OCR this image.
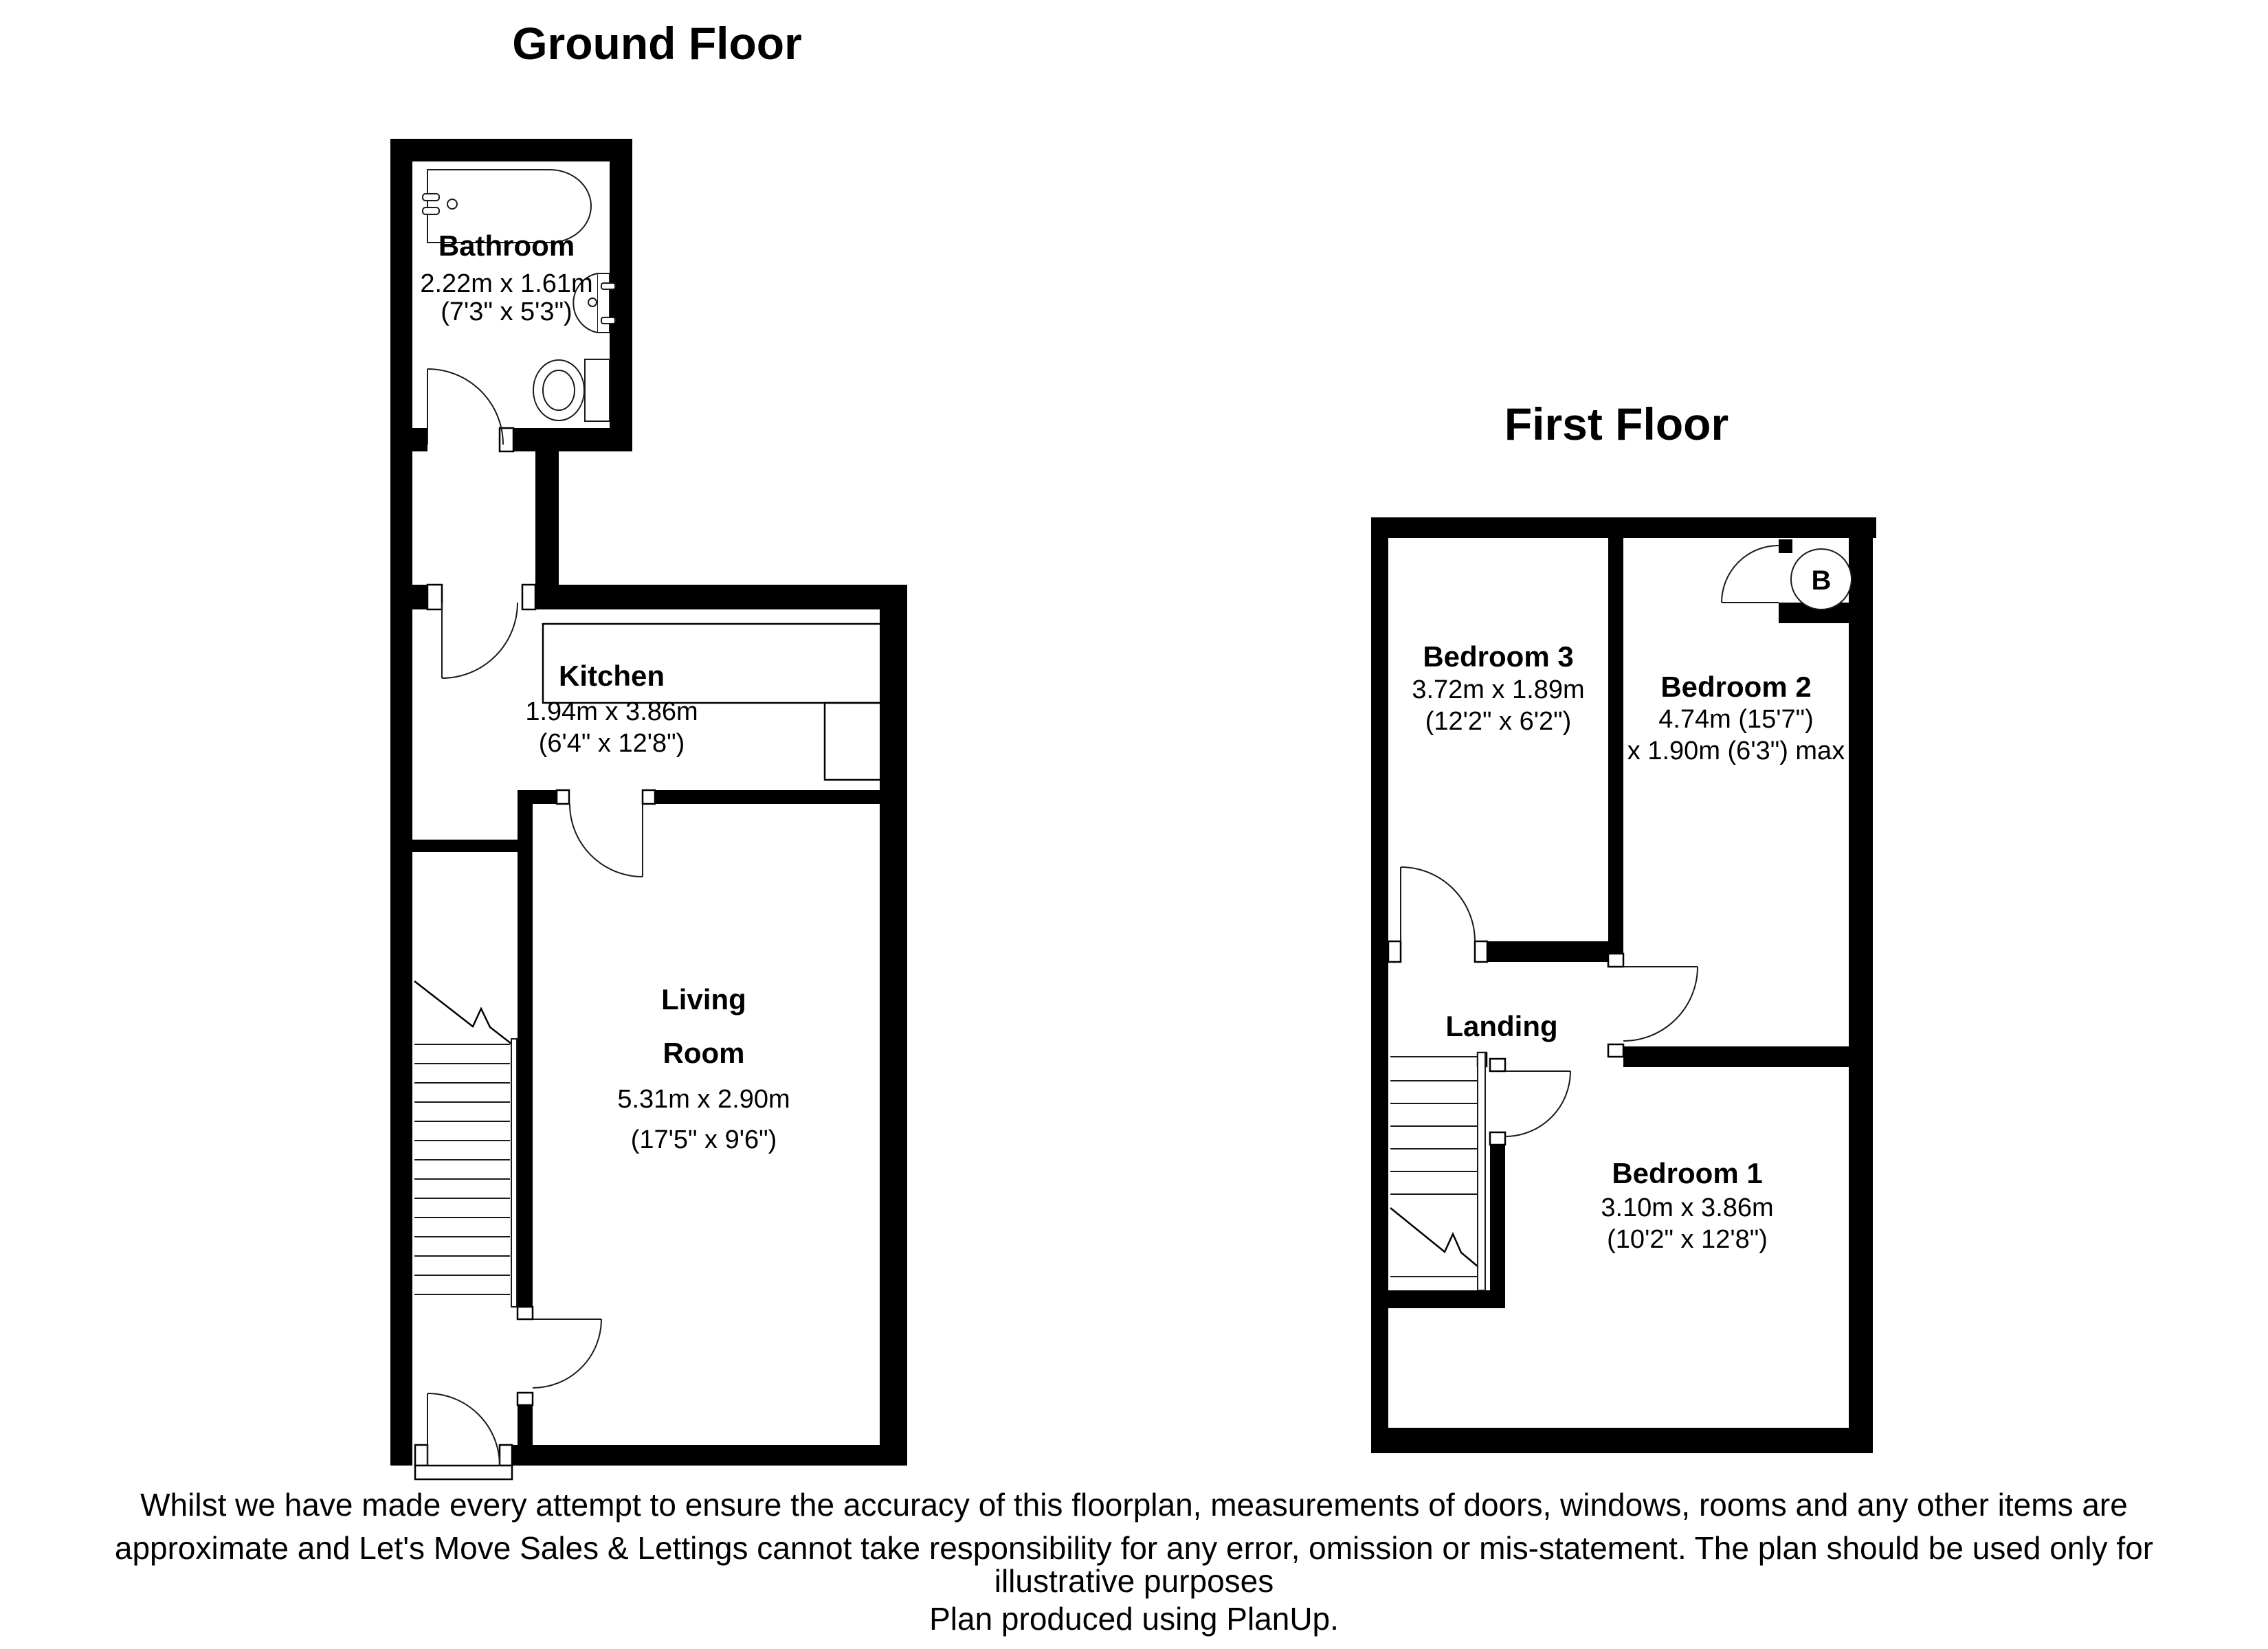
Ground Floor
Bathroom
2.22m x 1.61m
(7'3" x 5'3")
Kitchen
1.94m x 3.86m
(6'4" x 12'8")
Living
Room
5.31m x 2.90m
(17'5" x 9'6")
First Floor
B
Bedroom 3
3.72m x 1.89m
(12'2" x 6'2")
Bedroom 2
4.74m (15'7")
x 1.90m (6'3") max
Landing
Bedroom 1
3.10m x 3.86m
(10'2" x 12'8")
Whilst we have made every attempt to ensure the accuracy of this floorplan, measurements of doors, windows, rooms and any other items are
approximate and Let's Move Sales & Lettings cannot take responsibility for any error, omission or mis-statement. The plan should be used only for
illustrative purposes
Plan produced using PlanUp.
